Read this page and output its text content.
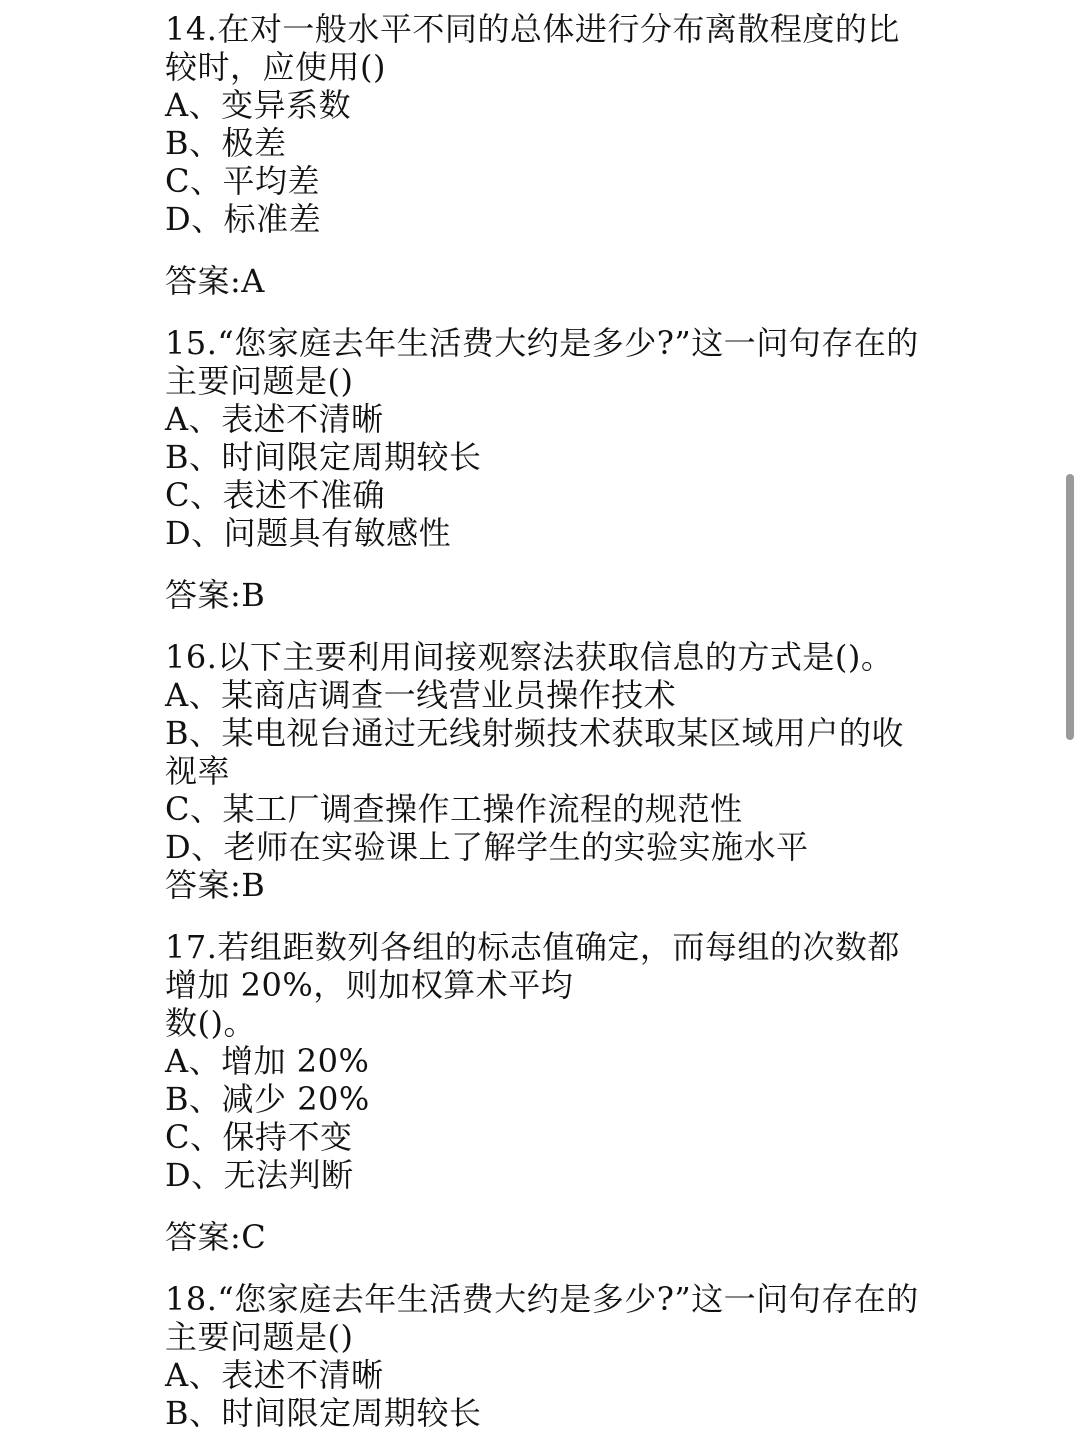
14.在对一般水平不同的总体进行分布离散程度的比
较时，应使用()
A、变异系数
B、极差
C、平均差
D、标准差
答案:A
15.“您家庭去年生活费大约是多少?”这一问句存在的
主要问题是()
A、表述不清晰
B、时间限定周期较长
C、表述不准确
D、问题具有敏感性
答案:B
16.以下主要利用间接观察法获取信息的方式是()。
A、某商店调查一线营业员操作技术
B、某电视台通过无线射频技术获取某区域用户的收
视率
C、某工厂调查操作工操作流程的规范性
D、老师在实验课上了解学生的实验实施水平
答案:B
17.若组距数列各组的标志值确定，而每组的次数都
增加 20%，则加权算术平均
数()。
A、增加 20%
B、减少 20%
C、保持不变
D、无法判断
答案:C
18.“您家庭去年生活费大约是多少?”这一问句存在的
主要问题是()
A、表述不清晰
B、时间限定周期较长
